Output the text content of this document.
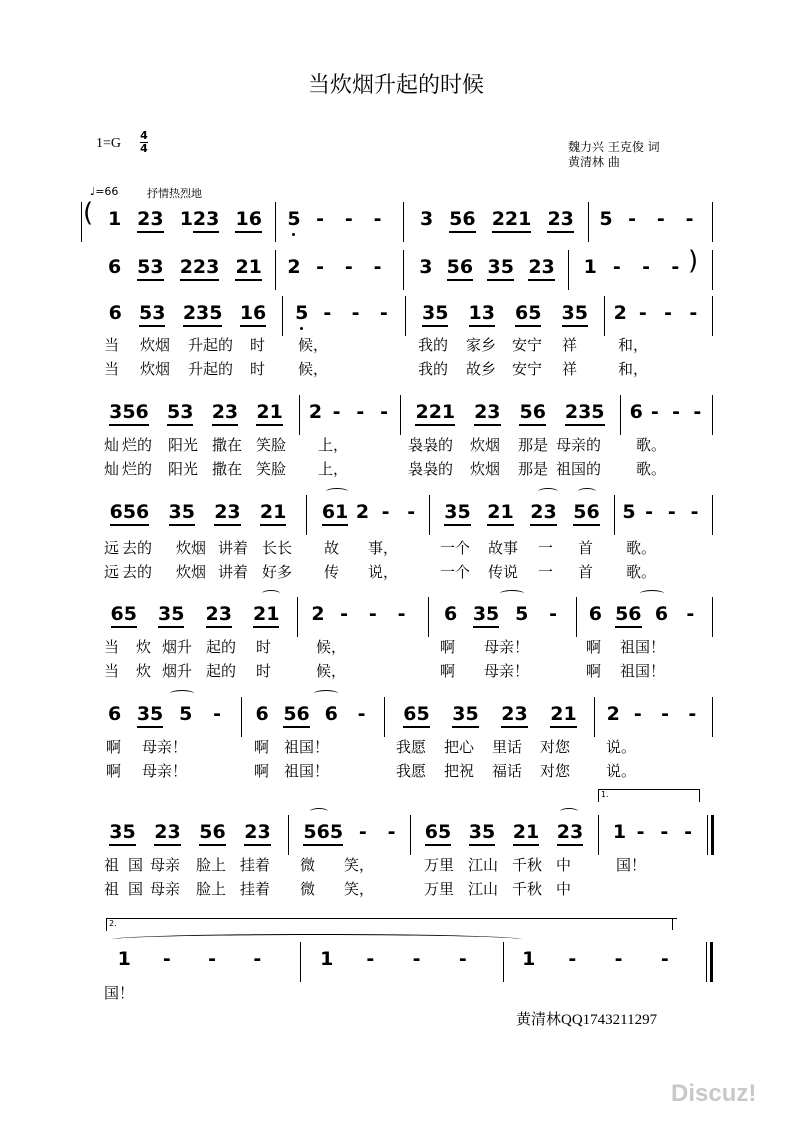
当炊烟升起的时候
1=G
4
4	魏力兴 王克俊 词
黄清林 曲
♩=66	抒情热烈地
( 1 23 1 23 16 5 - - - 3 56 221 23 5 - - -
6 53 223 21 2 - - - 3 56 35 23 1 - - - )
6 53 235 16 5 - - - 35 13 65 35 2 - - -
当 炊烟 升起的 时 候，	我的 家乡 安宁 祥	和，
当 炊烟 升起的 时 候，	我的 故乡 安宁 祥	和，
356 53 23 21 2 - - - 221 23 56 235 6 - - -
灿 烂的 阳光 撒在 笑脸 上，	袅袅的 炊烟 那是 母亲的 歌。
灿 烂的 阳光 撒在 笑脸 上，	袅袅的 炊烟 那是 祖国的 歌。
656 35 23 21 61 2 - - 35 21 23 56 5 - - -
远 去的 炊烟 讲着 长长 故 事，	一个 故事 一 首 歌。
远 去的 炊烟 讲着 好多 传 说，	一个 传说 一 首 歌。
65 35 23 21 2 - - - 6 35 5 - 6 56 6 -
当 炊 烟升 起的 时	候，	啊 母亲！	啊 祖国！
当 炊 烟升 起的 时	候，	啊 母亲！	啊 祖国！
6 35 5 - 6 56 6 - 65 35 23 21 2 - - -
啊 母亲！	啊 祖国！	我愿 把心 里话 对您 说。
啊 母亲！	啊 祖国！	我愿 把祝 福话 对您 说。
1.
35 23 56 23 565 - - 65 35 21 23 1 - - -
祖 国 母亲 脸上 挂着 微 笑，	万里 江山 千秋 中	国！
祖 国 母亲 脸上 挂着 微 笑，	万里 江山 千秋 中
2.
1 - - -	1 - - -	1 - - -
国！
黄清林QQ1743211297
Discuz!
